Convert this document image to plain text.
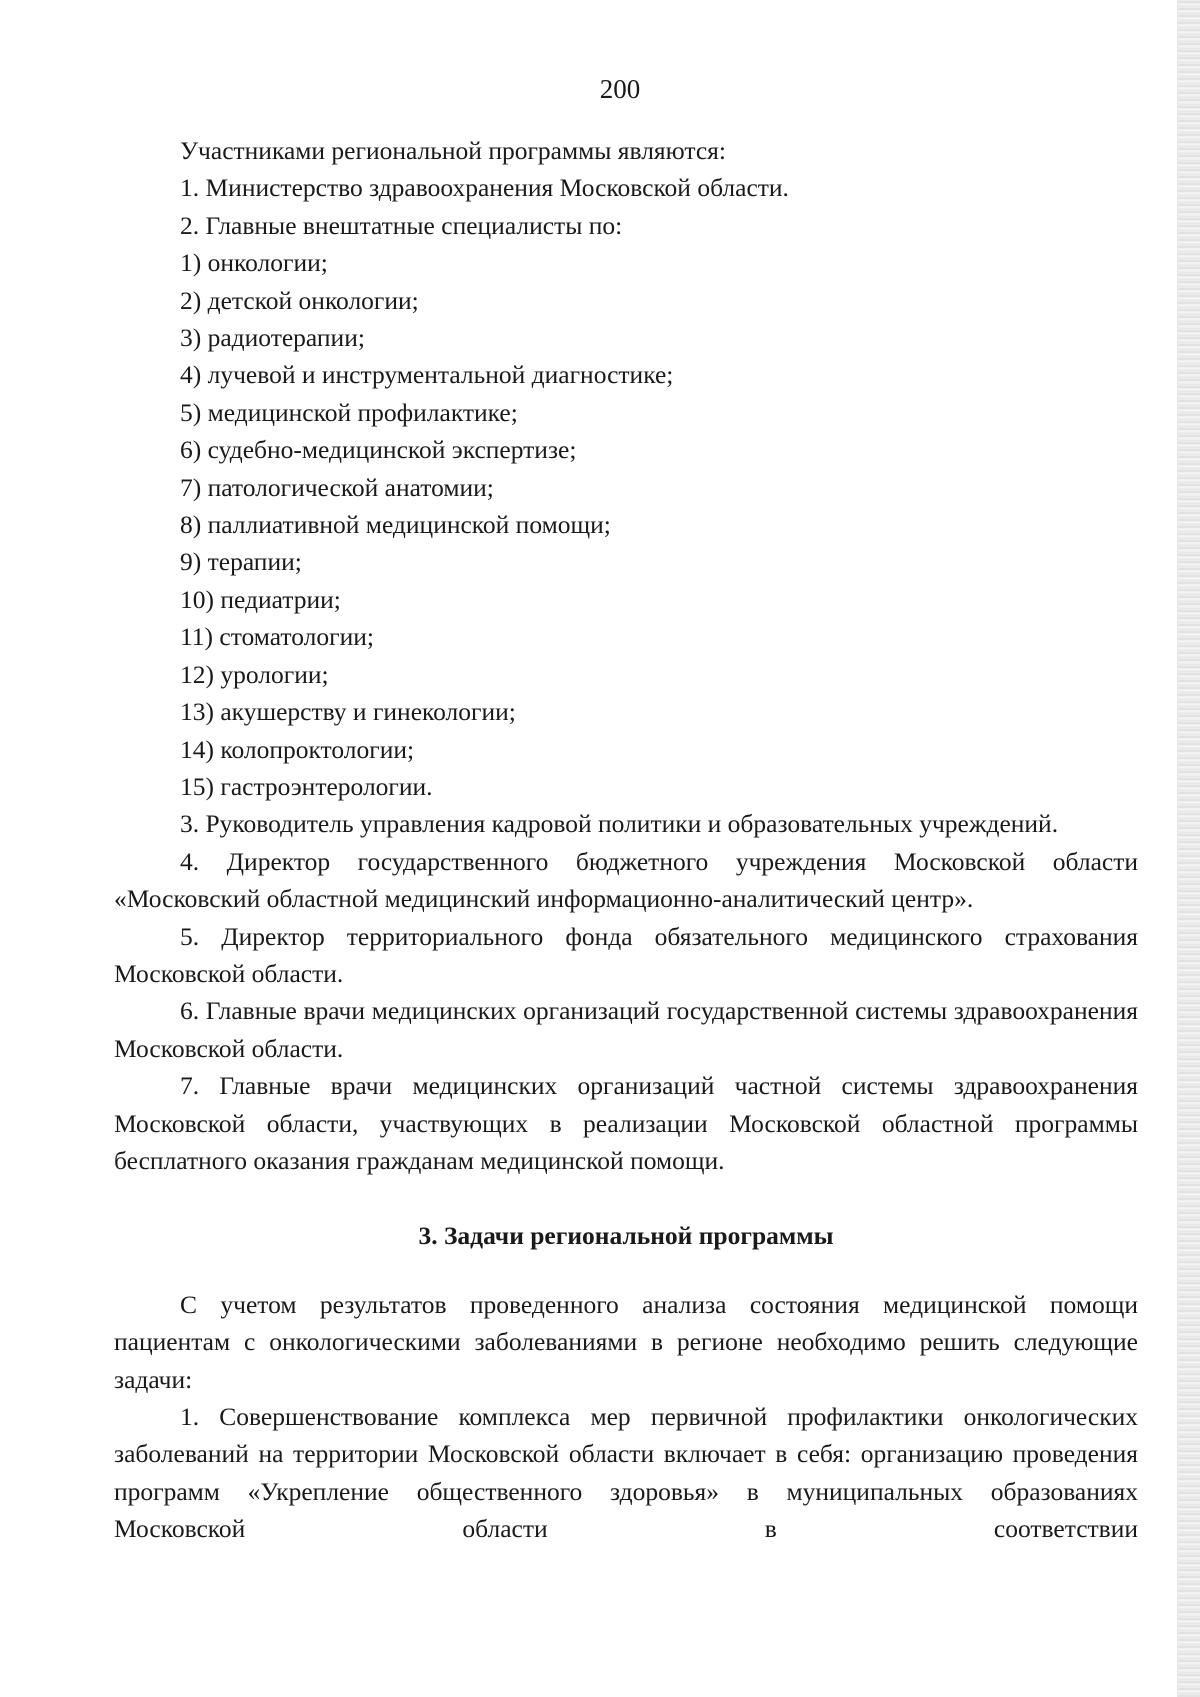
200
Участниками региональной программы являются:
1. Министерство здравоохранения Московской области.
2. Главные внештатные специалисты по:
1) онкологии;
2) детской онкологии;
3) радиотерапии;
4) лучевой и инструментальной диагностике;
5) медицинской профилактике;
6) судебно-медицинской экспертизе;
7) патологической анатомии;
8) паллиативной медицинской помощи;
9) терапии;
10) педиатрии;
11) стоматологии;
12) урологии;
13) акушерству и гинекологии;
14) колопроктологии;
15) гастроэнтерологии.

3. Руководитель управления кадровой политики и образовательных учреждений.

4. Директор государственного бюджетного учреждения Московской области «Московский областной медицинский информационно-аналитический центр».

5. Директор территориального фонда обязательного медицинского страхования Московской области.

6. Главные врачи медицинских организаций государственной системы здравоохранения Московской области.

7. Главные врачи медицинских организаций частной системы здравоохранения Московской области, участвующих в реализации Московской областной программы бесплатного оказания гражданам медицинской помощи.

3. Задачи региональной программы

С учетом результатов проведенного анализа состояния медицинской помощи пациентам с онкологическими заболеваниями в регионе необходимо решить следующие задачи:

1. Совершенствование комплекса мер первичной профилактики онкологических заболеваний на территории Московской области включает в себя: организацию проведения программ «Укрепление общественного здоровья» в муниципальных образованиях Московской области в соответствии
